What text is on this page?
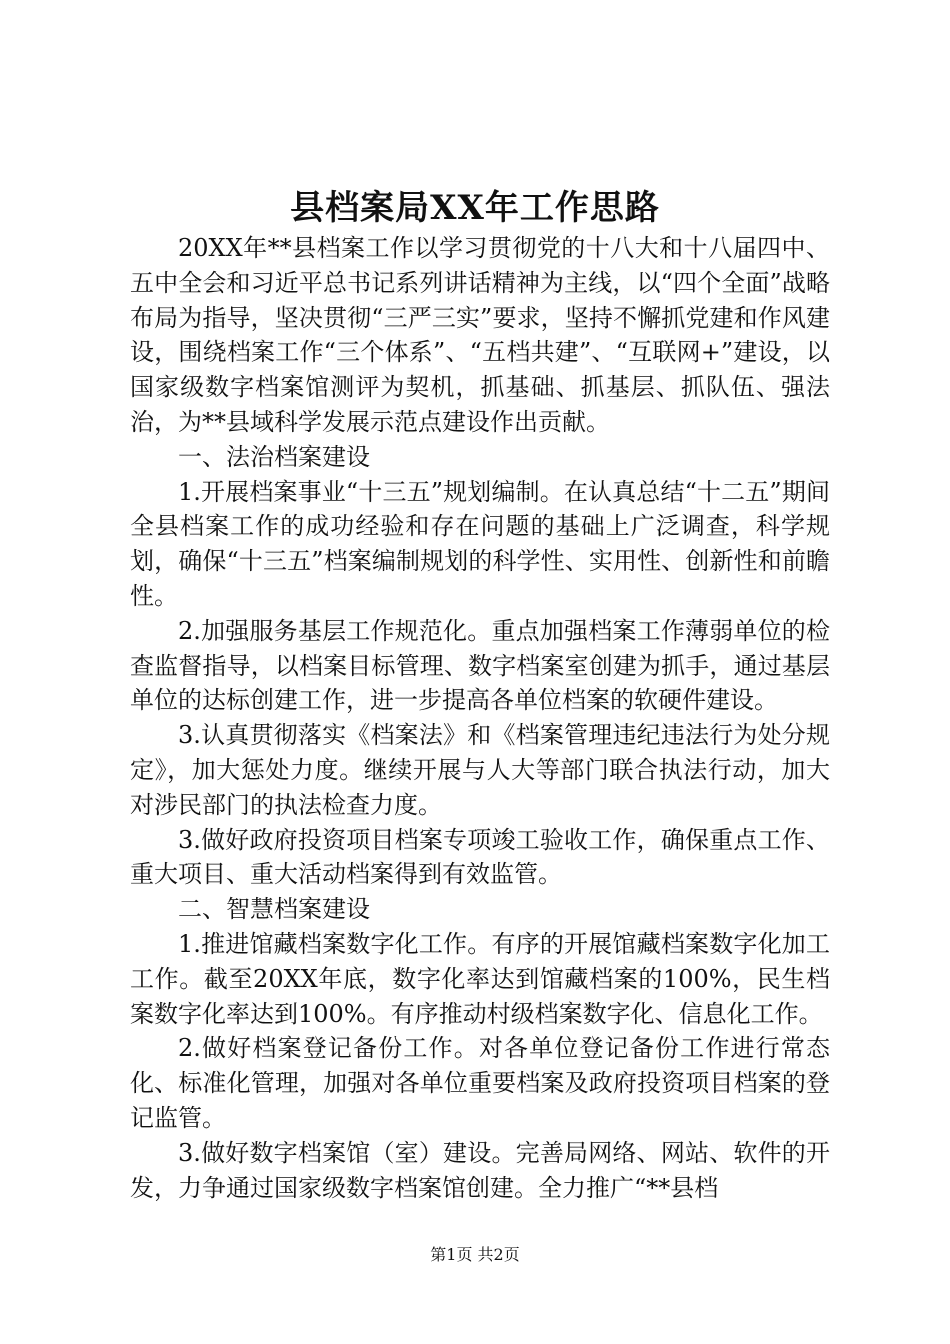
县档案局XX年工作思路

20XX年**县档案工作以学习贯彻党的十八大和十八届四中、五中全会和习近平总书记系列讲话精神为主线，以“四个全面”战略布局为指导，坚决贯彻“三严三实”要求，坚持不懈抓党建和作风建设，围绕档案工作“三个体系”、“五档共建”、“互联网+”建设，以国家级数字档案馆测评为契机，抓基础、抓基层、抓队伍、强法治，为**县域科学发展示范点建设作出贡献。

一、法治档案建设

1.开展档案事业“十三五”规划编制。在认真总结“十二五”期间全县档案工作的成功经验和存在问题的基础上广泛调查，科学规划，确保“十三五”档案编制规划的科学性、实用性、创新性和前瞻性。

2.加强服务基层工作规范化。重点加强档案工作薄弱单位的检查监督指导，以档案目标管理、数字档案室创建为抓手，通过基层单位的达标创建工作，进一步提高各单位档案的软硬件建设。

3.认真贯彻落实《档案法》和《档案管理违纪违法行为处分规定》，加大惩处力度。继续开展与人大等部门联合执法行动，加大对涉民部门的执法检查力度。

3.做好政府投资项目档案专项竣工验收工作，确保重点工作、重大项目、重大活动档案得到有效监管。

二、智慧档案建设

1.推进馆藏档案数字化工作。有序的开展馆藏档案数字化加工工作。截至20XX年底，数字化率达到馆藏档案的100%，民生档案数字化率达到100%。有序推动村级档案数字化、信息化工作。

2.做好档案登记备份工作。对各单位登记备份工作进行常态化、标准化管理，加强对各单位重要档案及政府投资项目档案的登记监管。

3.做好数字档案馆（室）建设。完善局网络、网站、软件的开发，力争通过国家级数字档案馆创建。全力推广“**县档

第1页 共2页
